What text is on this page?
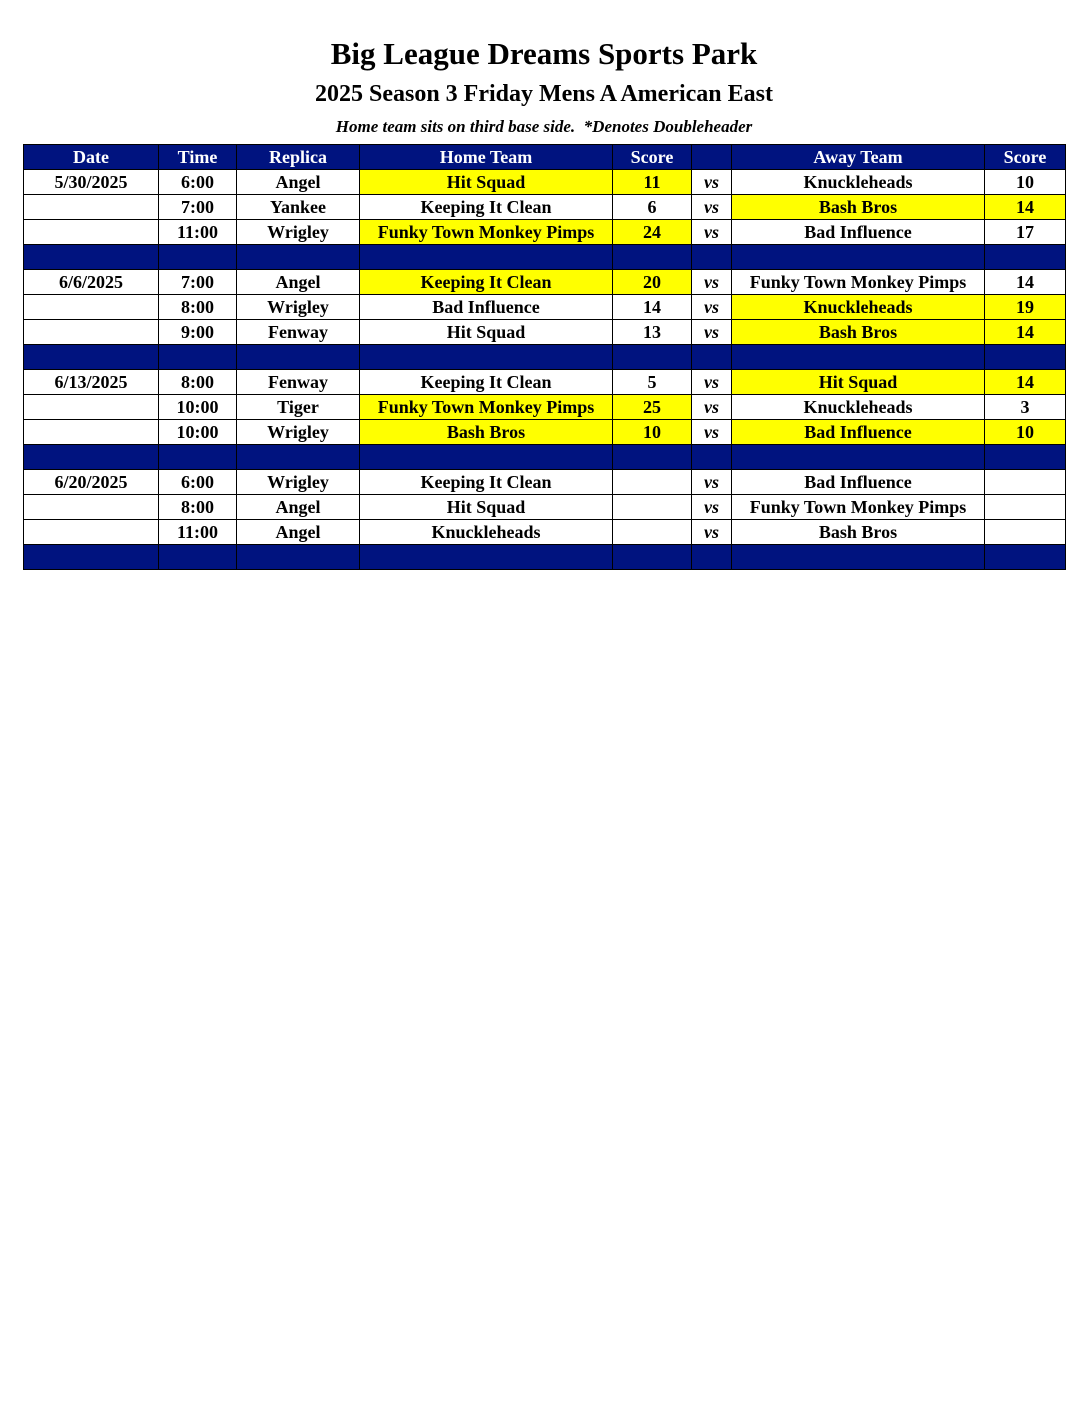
Big League Dreams Sports Park
2025 Season 3 Friday Mens A American East
Home team sits on third base side.  *Denotes Doubleheader
Date	Time	Replica	Home Team	Score		Away Team	Score
5/30/2025	6:00	Angel	Hit Squad	11	vs	Knuckleheads	10
	7:00	Yankee	Keeping It Clean	6	vs	Bash Bros	14
	11:00	Wrigley	Funky Town Monkey Pimps	24	vs	Bad Influence	17

6/6/2025	7:00	Angel	Keeping It Clean	20	vs	Funky Town Monkey Pimps	14
	8:00	Wrigley	Bad Influence	14	vs	Knuckleheads	19
	9:00	Fenway	Hit Squad	13	vs	Bash Bros	14

6/13/2025	8:00	Fenway	Keeping It Clean	5	vs	Hit Squad	14
	10:00	Tiger	Funky Town Monkey Pimps	25	vs	Knuckleheads	3
	10:00	Wrigley	Bash Bros	10	vs	Bad Influence	10

6/20/2025	6:00	Wrigley	Keeping It Clean		vs	Bad Influence	
	8:00	Angel	Hit Squad		vs	Funky Town Monkey Pimps	
	11:00	Angel	Knuckleheads		vs	Bash Bros	
